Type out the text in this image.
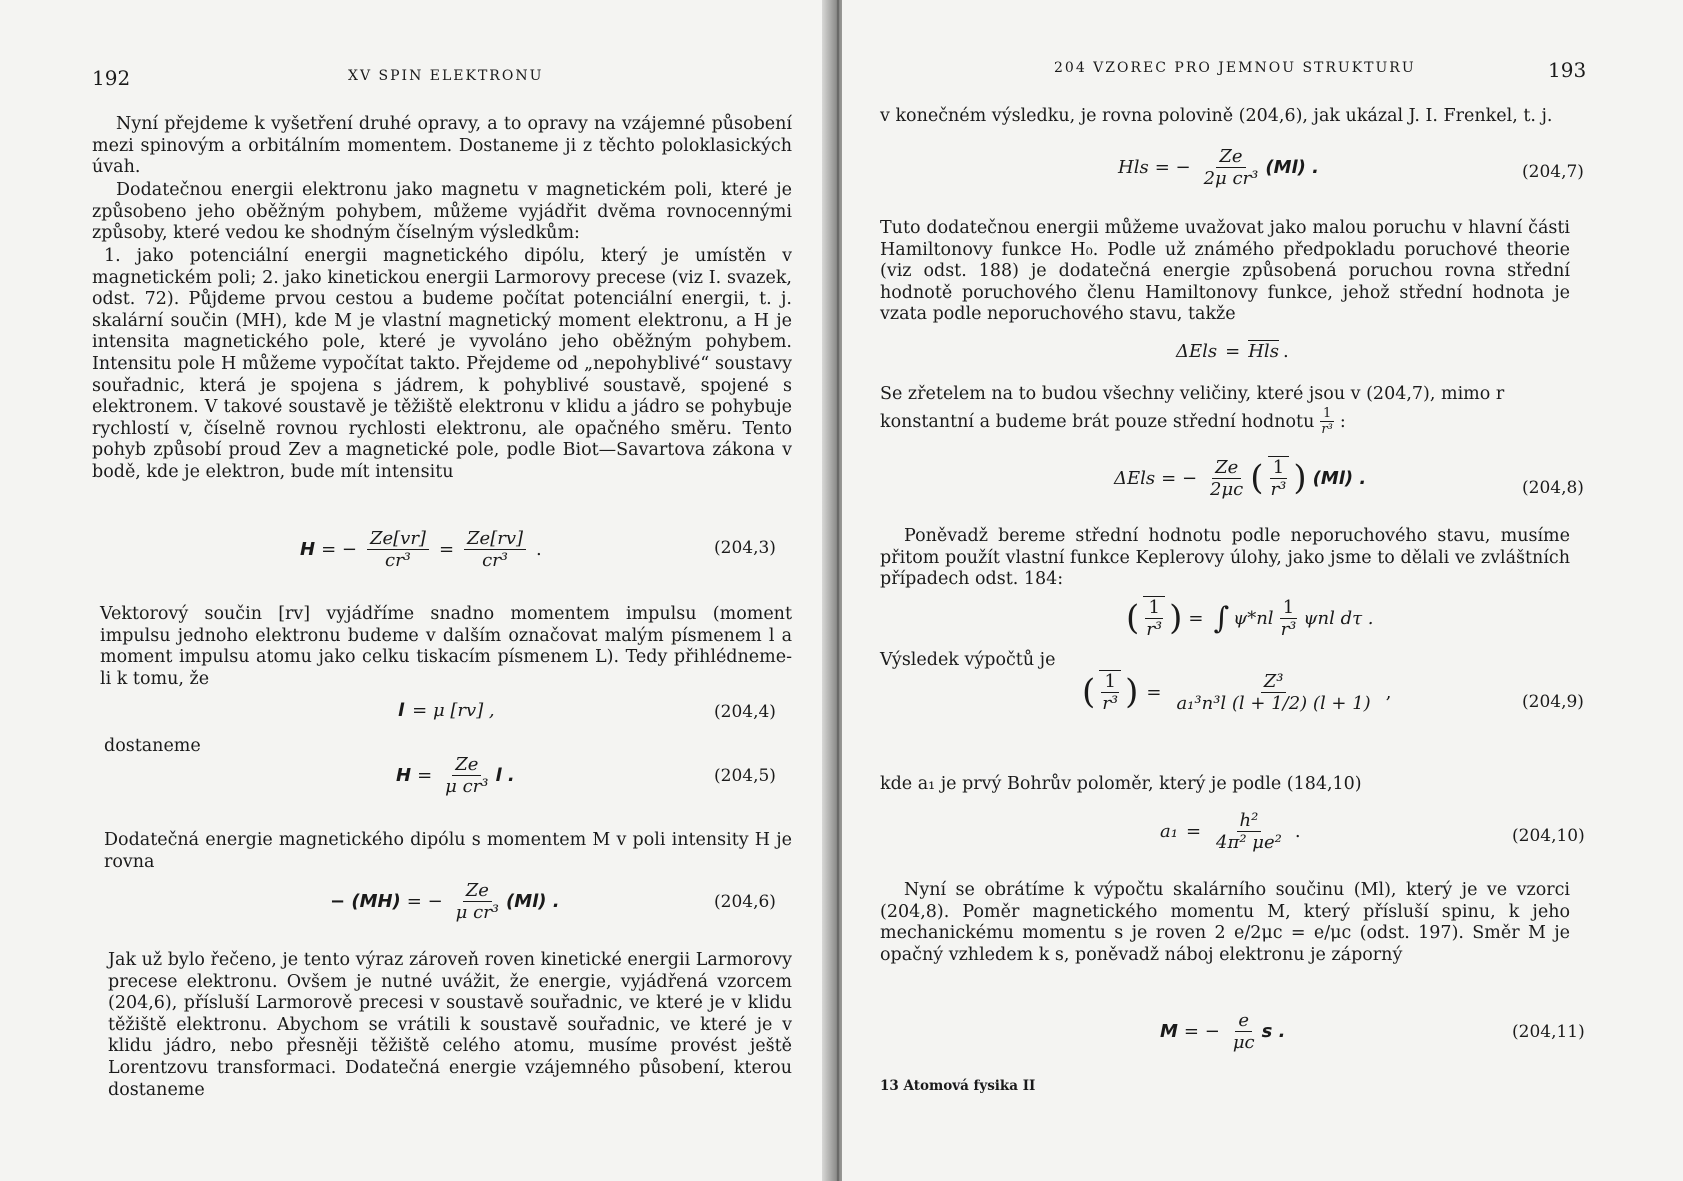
192	XV SPIN ELEKTRONU
Nyní přejdeme k vyšetření druhé opravy, a to opravy na vzájemné působení mezi spinovým a orbitálním momentem. Dostaneme ji z těchto poloklasických úvah.
Dodatečnou energii elektronu jako magnetu v magnetickém poli, které je způsobeno jeho oběžným pohybem, můžeme vyjádřit dvěma rovnocennými způsoby, které vedou ke shodným číselným výsledkům:
1. jako potenciální energii magnetického dipólu, který je umístěn v magnetickém poli; 2. jako kinetickou energii Larmorovy precese (viz I. svazek, odst. 72). Půjdeme prvou cestou a budeme počítat potenciální energii, t. j. skalární součin (MH), kde M je vlastní magnetický moment elektronu, a H je intensita magnetického pole, které je vyvoláno jeho oběžným pohybem. Intensitu pole H můžeme vypočítat takto. Přejdeme od „nepohyblivé“ soustavy souřadnic, která je spojena s jádrem, k pohyblivé soustavě, spojené s elektronem. V takové soustavě je těžiště elektronu v klidu a jádro se pohybuje rychlostí v, číselně rovnou rychlosti elektronu, ale opačného směru. Tento pohyb způsobí proud Zev a magnetické pole, podle Biot—Savartova zákona v bodě, kde je elektron, bude mít intensitu
H = − $\frac{Ze[vr]}{\text{cr³}} = \frac{Ze[rv]}{\text{cr³}}$ .	(204,3)
Vektorový součin [rv] vyjádříme snadno momentem impulsu (moment impulsu jednoho elektronu budeme v dalším označovat malým písmenem l a moment impulsu atomu jako celku tiskacím písmenem L). Tedy přihlédneme-li k tomu, že
l = μ [rv] ,	(204,4)
dostaneme
$H = \frac{Ze}{\text{μ cr³}}$ l .	(204,5)
Dodatečná energie magnetického dipólu s momentem M v poli intensity H je rovna
− (MH) = − $\frac{Ze}{\text{μ cr³}} (Ml)$ .	(204,6)
Jak už bylo řečeno, je tento výraz zároveň roven kinetické energii Larmorovy precese elektronu. Ovšem je nutné uvážit, že energie, vyjádřená vzorcem (204,6), přísluší Larmorově precesi v soustavě souřadnic, ve které je v klidu těžiště elektronu. Abychom se vrátili k soustavě souřadnic, ve které je v klidu jádro, nebo přesněji těžiště celého atomu, musíme provést ještě Lorentzovu transformaci. Dodatečná energie vzájemného působení, kterou dostaneme
204 VZOREC PRO JEMNOU STRUKTURU	193
v konečném výsledku, je rovna polovině (204,6), jak ukázal J. I. Frenkel, t. j.
Hls = − $\frac{Ze}{\text{2μ cr³}} (Ml)$ .	(204,7)
Tuto dodatečnou energii můžeme uvažovat jako malou poruchu v hlavní části Hamiltonovy funkce H₀. Podle už známého předpokladu poruchové theorie (viz odst. 188) je dodatečná energie způsobená poruchou rovna střední hodnotě poruchového členu Hamiltonovy funkce, jehož střední hodnota je vzata podle neporuchového stavu, takže
ΔEls = Hls .
Se zřetelem na to budou všechny veličiny, které jsou v (204,7), mimo r
konstantní a budeme brát pouze střední hodnotu $\frac{1}{\text{r³}}$ :
ΔEls = − $\frac{Ze}{2\mu c}$ ( $\frac{1}{\text{r³}}$ ) (Ml) .	(204,8)
Poněvadž bereme střední hodnotu podle neporuchového stavu, musíme přitom použít vlastní funkce Keplerovy úlohy, jako jsme to dělali ve zvláštních případech odst. 184:
( $\frac{1}{\text{r³}}$ ) = ∫ $\psi*nl \frac{1}{\text{r³}}$ ψnl dτ .
Výsledek výpočtů je
( $\frac{1}{\text{r³}}$ ) = $\frac{\text{Z³}}{\text{a₁³n³l (l + 1/2) (l + 1)}}$ ,	(204,9)
kde a₁ je prvý Bohrův poloměr, který je podle (184,10)
$a_1 = \frac{\text{h²}}{\text{4π² μe²}}$ .	(204,10)
Nyní se obrátíme k výpočtu skalárního součinu (Ml), který je ve vzorci (204,8). Poměr magnetického momentu M, který přísluší spinu, k jeho mechanickému momentu s je roven 2 e/2μc = e/μc (odst. 197). Směr M je opačný vzhledem k s, poněvadž náboj elektronu je záporný
M = − $\frac{e}{\mu c}$ s .	(204,11)
13 Atomová fysika II
